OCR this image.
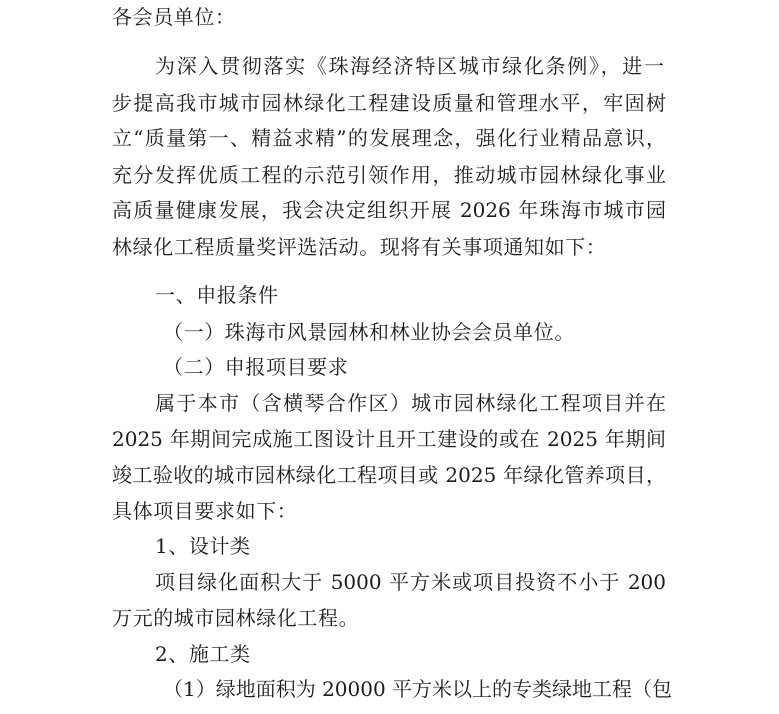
各会员单位：
为深入贯彻落实《珠海经济特区城市绿化条例》，进一
步提高我市城市园林绿化工程建设质量和管理水平，牢固树
立“质量第一、精益求精”的发展理念，强化行业精品意识，
充分发挥优质工程的示范引领作用，推动城市园林绿化事业
高质量健康发展，我会决定组织开展 2026 年珠海市城市园
林绿化工程质量奖评选活动。现将有关事项通知如下：
一、申报条件
（一）珠海市风景园林和林业协会会员单位。
（二）申报项目要求
属于本市（含横琴合作区）城市园林绿化工程项目并在
2025 年期间完成施工图设计且开工建设的或在 2025 年期间
竣工验收的城市园林绿化工程项目或 2025 年绿化管养项目，
具体项目要求如下：
1、设计类
项目绿化面积大于 5000 平方米或项目投资不小于 200
万元的城市园林绿化工程。
2、施工类
（1）绿地面积为 20000 平方米以上的专类绿地工程（包
